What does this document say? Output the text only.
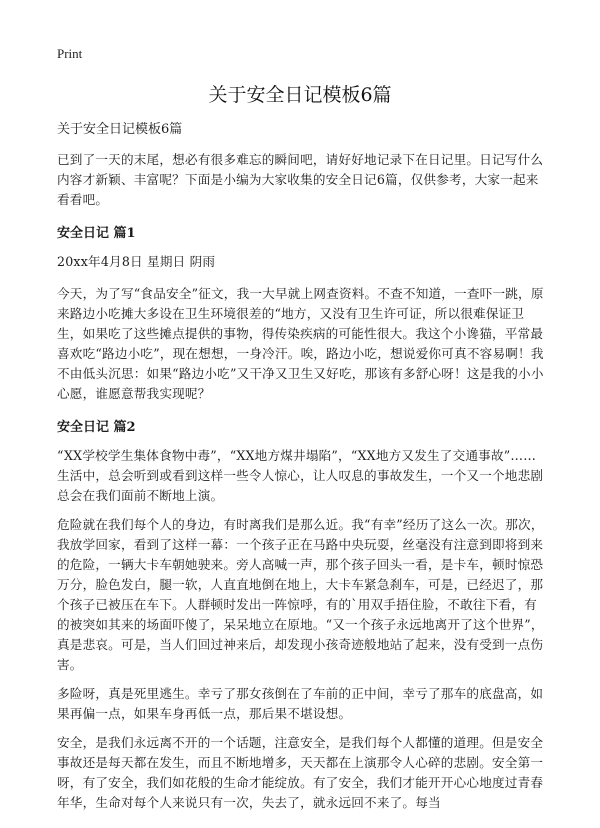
Print
关于安全日记模板6篇
关于安全日记模板6篇

已到了一天的末尾，想必有很多难忘的瞬间吧，请好好地记录下在日记里。日记写什么内容才新颖、丰富呢？下面是小编为大家收集的安全日记6篇，仅供参考，大家一起来看看吧。

安全日记 篇1

20xx年4月8日 星期日 阴雨

今天，为了写“食品安全”征文，我一大早就上网查资料。不查不知道，一查吓一跳，原来路边小吃摊大多设在卫生环境很差的“地方，又没有卫生许可证，所以很难保证卫生，如果吃了这些摊点提供的事物，得传染疾病的可能性很大。我这个小谗猫，平常最喜欢吃“路边小吃”，现在想想，一身冷汗。唉，路边小吃，想说爱你可真不容易啊！我不由低头沉思：如果“路边小吃”又干净又卫生又好吃，那该有多舒心呀！这是我的小小心愿，谁愿意帮我实现呢？

安全日记 篇2

“XX学校学生集体食物中毒”，“XX地方煤井塌陷”，“XX地方又发生了交通事故”……生活中，总会听到或看到这样一些令人惊心，让人叹息的事故发生，一个又一个地悲剧总会在我们面前不断地上演。

危险就在我们每个人的身边，有时离我们是那么近。我“有幸”经历了这么一次。那次，我放学回家，看到了这样一幕：一个孩子正在马路中央玩耍，丝毫没有注意到即将到来的危险，一辆大卡车朝她驶来。旁人高喊一声，那个孩子回头一看，是卡车，顿时惊恐万分，脸色发白，腿一软，人直直地倒在地上，大卡车紧急刹车，可是，已经迟了，那个孩子已被压在车下。人群顿时发出一阵惊呼，有的`用双手捂住脸，不敢往下看，有的被突如其来的场面吓傻了，呆呆地立在原地。“又一个孩子永远地离开了这个世界”，真是悲哀。可是，当人们回过神来后，却发现小孩奇迹般地站了起来，没有受到一点伤害。

多险呀，真是死里逃生。幸亏了那女孩倒在了车前的正中间，幸亏了那车的底盘高，如果再偏一点，如果车身再低一点，那后果不堪设想。

安全，是我们永远离不开的一个话题，注意安全，是我们每个人都懂的道理。但是安全事故还是每天都在发生，而且不断地增多，天天都在上演那令人心碎的悲剧。安全第一呀，有了安全，我们如花般的生命才能绽放。有了安全，我们才能开开心心地度过青春年华，生命对每个人来说只有一次，失去了，就永远回不来了。每当
